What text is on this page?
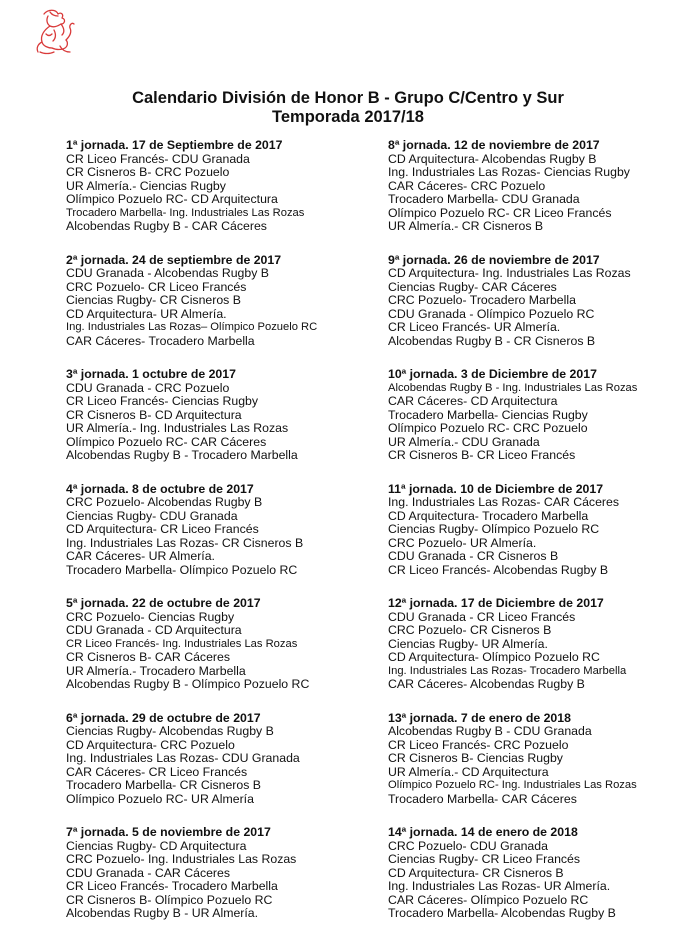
Calendario División de Honor B - Grupo C/Centro y Sur
Temporada 2017/18
1ª jornada. 17 de Septiembre de 2017
CR Liceo Francés- CDU Granada
CR Cisneros B- CRC Pozuelo
UR Almería.- Ciencias Rugby
Olímpico Pozuelo RC- CD Arquitectura
Trocadero Marbella- Ing. Industriales Las Rozas
Alcobendas Rugby B - CAR Cáceres
2ª jornada. 24 de septiembre de 2017
CDU Granada - Alcobendas Rugby B
CRC Pozuelo- CR Liceo Francés
Ciencias Rugby- CR Cisneros B
CD Arquitectura- UR Almería.
Ing. Industriales Las Rozas– Olímpico Pozuelo RC
CAR Cáceres- Trocadero Marbella
3ª jornada. 1 octubre de 2017
CDU Granada - CRC Pozuelo
CR Liceo Francés- Ciencias Rugby
CR Cisneros B- CD Arquitectura
UR Almería.- Ing. Industriales Las Rozas
Olímpico Pozuelo RC- CAR Cáceres
Alcobendas Rugby B - Trocadero Marbella
4ª jornada. 8 de octubre de 2017
CRC Pozuelo- Alcobendas Rugby B
Ciencias Rugby- CDU Granada
CD Arquitectura- CR Liceo Francés
Ing. Industriales Las Rozas- CR Cisneros B
CAR Cáceres- UR Almería.
Trocadero Marbella- Olímpico Pozuelo RC
5ª jornada. 22 de octubre de 2017
CRC Pozuelo- Ciencias Rugby
CDU Granada - CD Arquitectura
CR Liceo Francés- Ing. Industriales Las Rozas
CR Cisneros B- CAR Cáceres
UR Almería.- Trocadero Marbella
Alcobendas Rugby B - Olímpico Pozuelo RC
6ª jornada. 29 de octubre de 2017
Ciencias Rugby- Alcobendas Rugby B
CD Arquitectura- CRC Pozuelo
Ing. Industriales Las Rozas- CDU Granada
CAR Cáceres- CR Liceo Francés
Trocadero Marbella- CR Cisneros B
Olímpico Pozuelo RC- UR Almería
7ª jornada. 5 de noviembre de 2017
Ciencias Rugby- CD Arquitectura
CRC Pozuelo- Ing. Industriales Las Rozas
CDU Granada - CAR Cáceres
CR Liceo Francés- Trocadero Marbella
CR Cisneros B- Olímpico Pozuelo RC
Alcobendas Rugby B - UR Almería.
8ª jornada. 12 de noviembre de 2017
CD Arquitectura- Alcobendas Rugby B
Ing. Industriales Las Rozas- Ciencias Rugby
CAR Cáceres- CRC Pozuelo
Trocadero Marbella- CDU Granada
Olímpico Pozuelo RC- CR Liceo Francés
UR Almería.- CR Cisneros B
9ª jornada. 26 de noviembre de 2017
CD Arquitectura- Ing. Industriales Las Rozas
Ciencias Rugby- CAR Cáceres
CRC Pozuelo- Trocadero Marbella
CDU Granada - Olímpico Pozuelo RC
CR Liceo Francés- UR Almería.
Alcobendas Rugby B - CR Cisneros B
10ª jornada. 3 de Diciembre de 2017
Alcobendas Rugby B - Ing. Industriales Las Rozas
CAR Cáceres- CD Arquitectura
Trocadero Marbella- Ciencias Rugby
Olímpico Pozuelo RC- CRC Pozuelo
UR Almería.- CDU Granada
CR Cisneros B- CR Liceo Francés
11ª jornada. 10 de Diciembre de 2017
Ing. Industriales Las Rozas- CAR Cáceres
CD Arquitectura- Trocadero Marbella
Ciencias Rugby- Olímpico Pozuelo RC
CRC Pozuelo- UR Almería.
CDU Granada - CR Cisneros B
CR Liceo Francés- Alcobendas Rugby B
12ª jornada. 17 de Diciembre de 2017
CDU Granada - CR Liceo Francés
CRC Pozuelo- CR Cisneros B
Ciencias Rugby- UR Almería.
CD Arquitectura- Olímpico Pozuelo RC
Ing. Industriales Las Rozas- Trocadero Marbella
CAR Cáceres- Alcobendas Rugby B
13ª jornada. 7 de enero de 2018
Alcobendas Rugby B - CDU Granada
CR Liceo Francés- CRC Pozuelo
CR Cisneros B- Ciencias Rugby
UR Almería.- CD Arquitectura
Olímpico Pozuelo RC- Ing. Industriales Las Rozas
Trocadero Marbella- CAR Cáceres
14ª jornada. 14 de enero de 2018
CRC Pozuelo- CDU Granada
Ciencias Rugby- CR Liceo Francés
CD Arquitectura- CR Cisneros B
Ing. Industriales Las Rozas- UR Almería.
CAR Cáceres- Olímpico Pozuelo RC
Trocadero Marbella- Alcobendas Rugby B
